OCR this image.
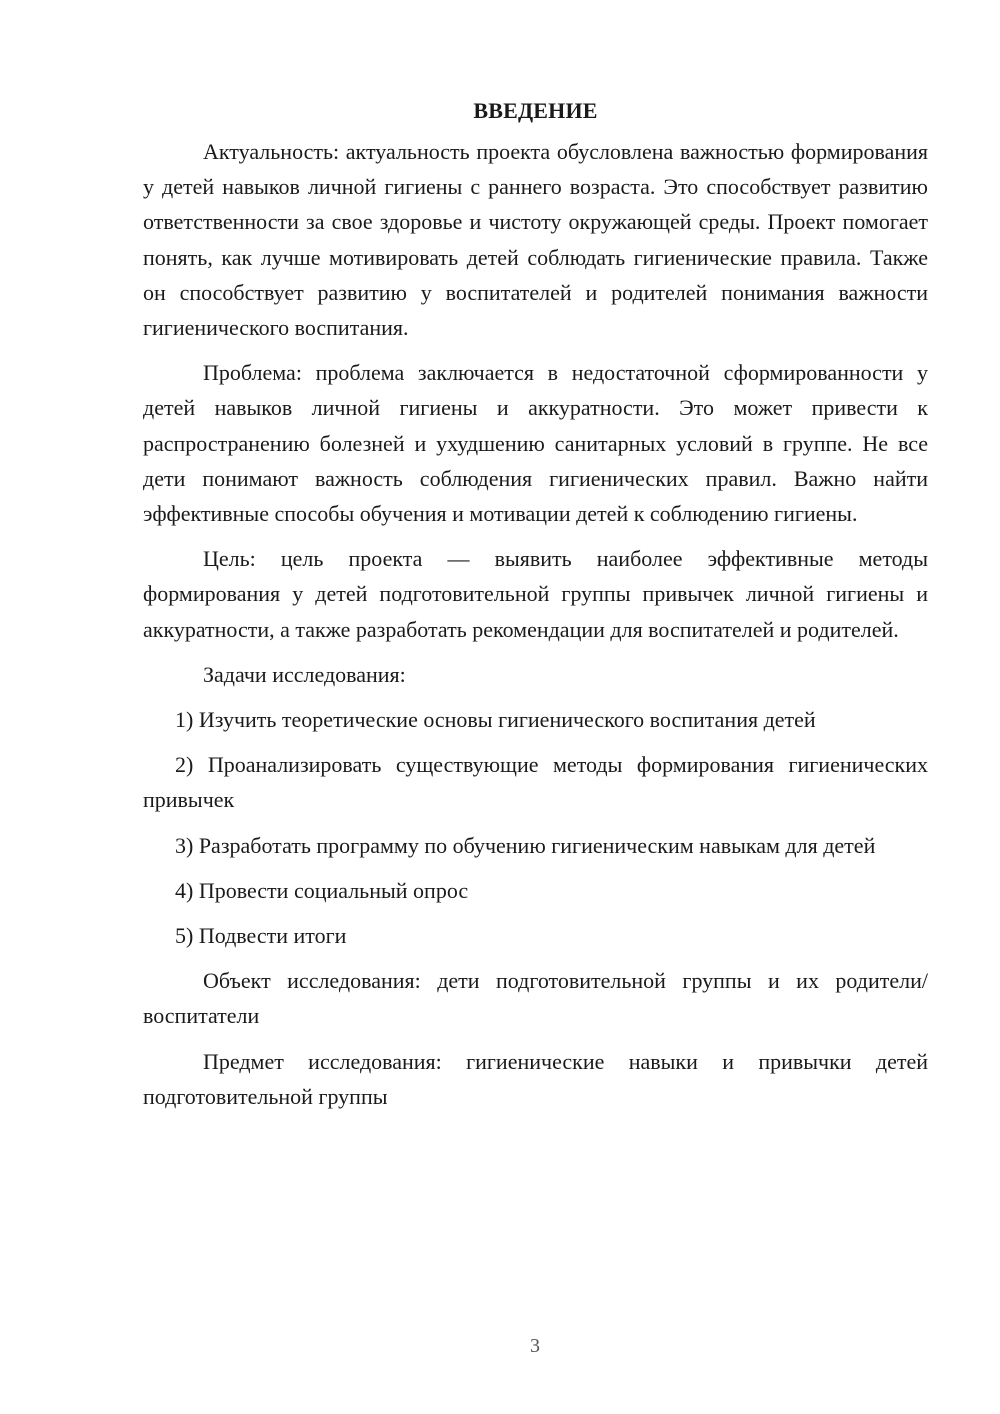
ВВЕДЕНИЕ

Актуальность: актуальность проекта обусловлена важностью формирования у детей навыков личной гигиены с раннего возраста. Это способствует развитию ответственности за свое здоровье и чистоту окружающей среды. Проект помогает понять, как лучше мотивировать детей соблюдать гигиенические правила. Также он способствует развитию у воспитателей и родителей понимания важности гигиенического воспитания.

Проблема: проблема заключается в недостаточной сформированности у детей навыков личной гигиены и аккуратности. Это может привести к распространению болезней и ухудшению санитарных условий в группе. Не все дети понимают важность соблюдения гигиенических правил. Важно найти эффективные способы обучения и мотивации детей к соблюдению гигиены.

Цель: цель проекта — выявить наиболее эффективные методы формирования у детей подготовительной группы привычек личной гигиены и аккуратности, а также разработать рекомендации для воспитателей и родителей.

Задачи исследования:

1) Изучить теоретические основы гигиенического воспитания детей

2) Проанализировать существующие методы формирования гигиенических привычек

3) Разработать программу по обучению гигиеническим навыкам для детей

4) Провести социальный опрос

5) Подвести итоги

Объект исследования: дети подготовительной группы и их родители/воспитатели

Предмет исследования: гигиенические навыки и привычки детей подготовительной группы

3
